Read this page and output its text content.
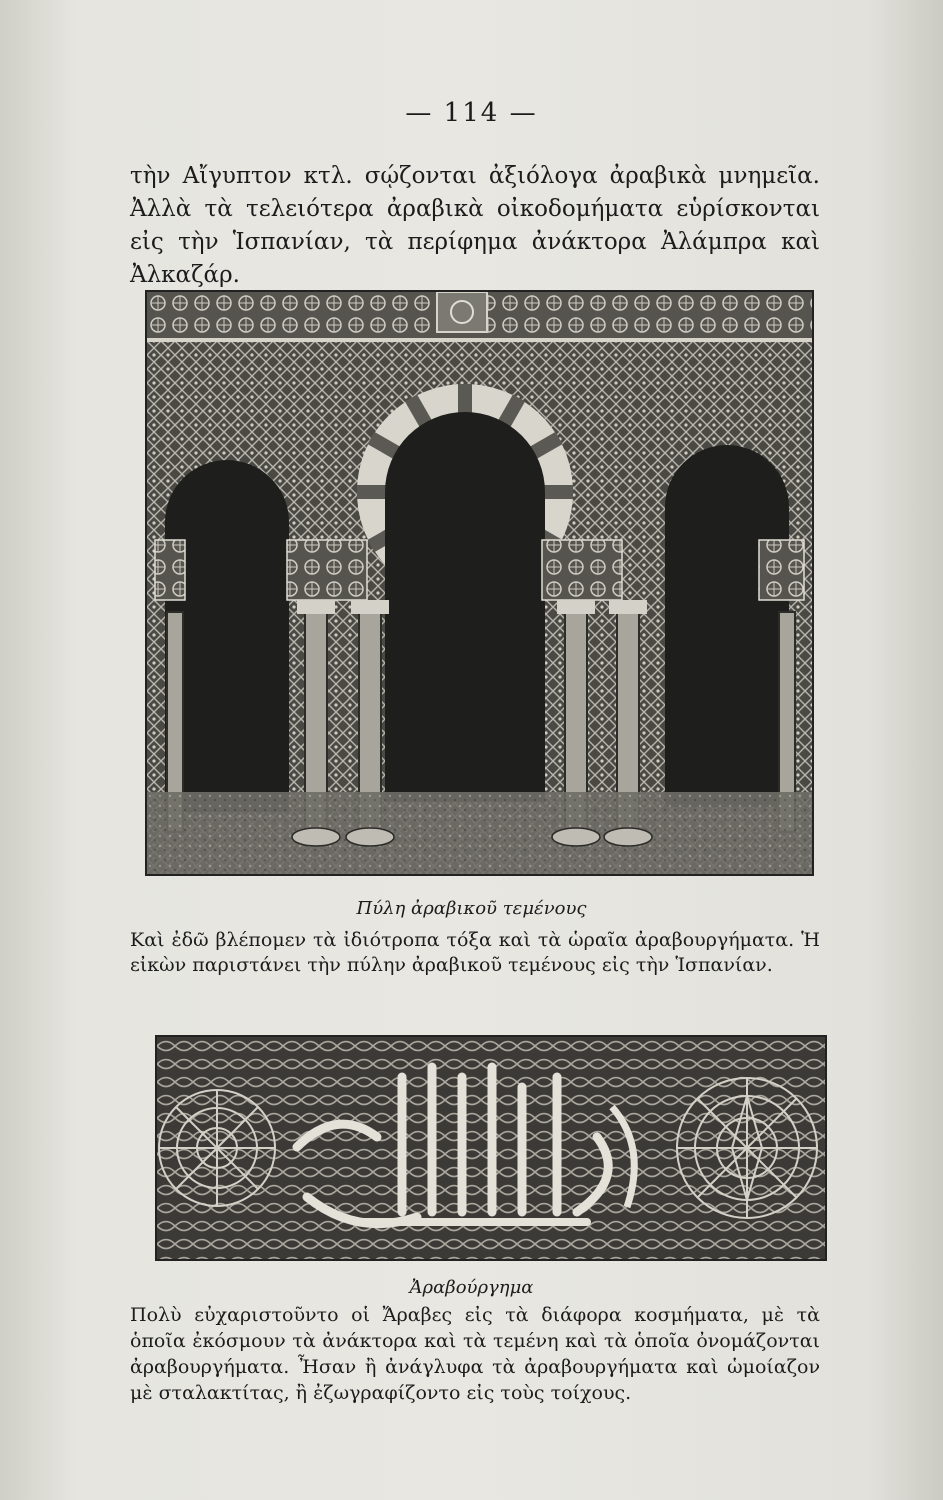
— 114 —
τὴν Αἴγυπτον κτλ. σῴζονται ἀξιόλογα ἀραβικὰ μνημεῖα. Ἀλλὰ τὰ τελειότερα ἀραβικὰ οἰκοδομήματα εὑρίσκονται εἰς τὴν Ἱσπανίαν, τὰ περίφημα ἀνάκτορα Ἀλάμπρα καὶ Ἀλκαζάρ.
Πύλη ἀραβικοῦ τεμένους
Καὶ ἐδῶ βλέπομεν τὰ ἰδιότροπα τόξα καὶ τὰ ὡραῖα ἀραβουργήματα. Ἡ εἰκὼν παριστάνει τὴν πύλην ἀραβικοῦ τεμένους εἰς τὴν Ἱσπανίαν.
Ἀραβούργημα
Πολὺ εὐχαριστοῦντο οἱ Ἄραβες εἰς τὰ διάφορα κοσμήματα, μὲ τὰ ὁποῖα ἐκόσμουν τὰ ἀνάκτορα καὶ τὰ τεμένη καὶ τὰ ὁποῖα ὀνομάζονται ἀραβουργήματα. Ἦσαν ἢ ἀνάγλυφα τὰ ἀραβουργήματα καὶ ὡμοίαζον μὲ σταλακτίτας, ἢ ἐζωγραφίζοντο εἰς τοὺς τοίχους.
